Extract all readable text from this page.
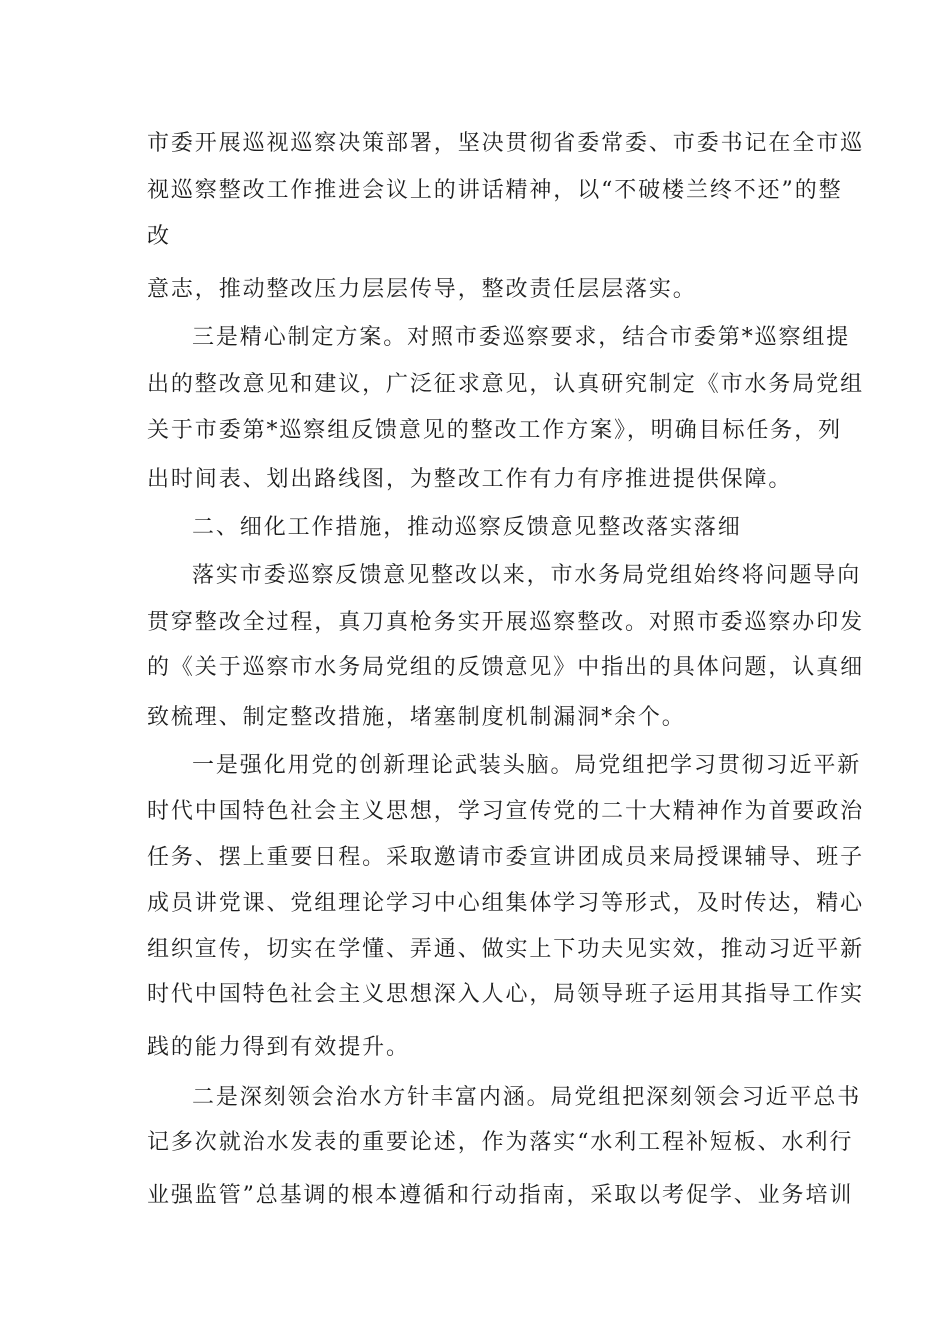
市委开展巡视巡察决策部署，坚决贯彻省委常委、市委书记在全市巡
视巡察整改工作推进会议上的讲话精神，以“不破楼兰终不还”的整
改
意志，推动整改压力层层传导，整改责任层层落实。
三是精心制定方案。对照市委巡察要求，结合市委第*巡察组提
出的整改意见和建议，广泛征求意见，认真研究制定《市水务局党组
关于市委第*巡察组反馈意见的整改工作方案》，明确目标任务，列
出时间表、划出路线图，为整改工作有力有序推进提供保障。
二、细化工作措施，推动巡察反馈意见整改落实落细
落实市委巡察反馈意见整改以来，市水务局党组始终将问题导向
贯穿整改全过程，真刀真枪务实开展巡察整改。对照市委巡察办印发
的《关于巡察市水务局党组的反馈意见》中指出的具体问题，认真细
致梳理、制定整改措施，堵塞制度机制漏洞*余个。
一是强化用党的创新理论武装头脑。局党组把学习贯彻习近平新
时代中国特色社会主义思想，学习宣传党的二十大精神作为首要政治
任务、摆上重要日程。采取邀请市委宣讲团成员来局授课辅导、班子
成员讲党课、党组理论学习中心组集体学习等形式，及时传达，精心
组织宣传，切实在学懂、弄通、做实上下功夫见实效，推动习近平新
时代中国特色社会主义思想深入人心，局领导班子运用其指导工作实
践的能力得到有效提升。
二是深刻领会治水方针丰富内涵。局党组把深刻领会习近平总书
记多次就治水发表的重要论述，作为落实“水利工程补短板、水利行
业强监管”总基调的根本遵循和行动指南，采取以考促学、业务培训
